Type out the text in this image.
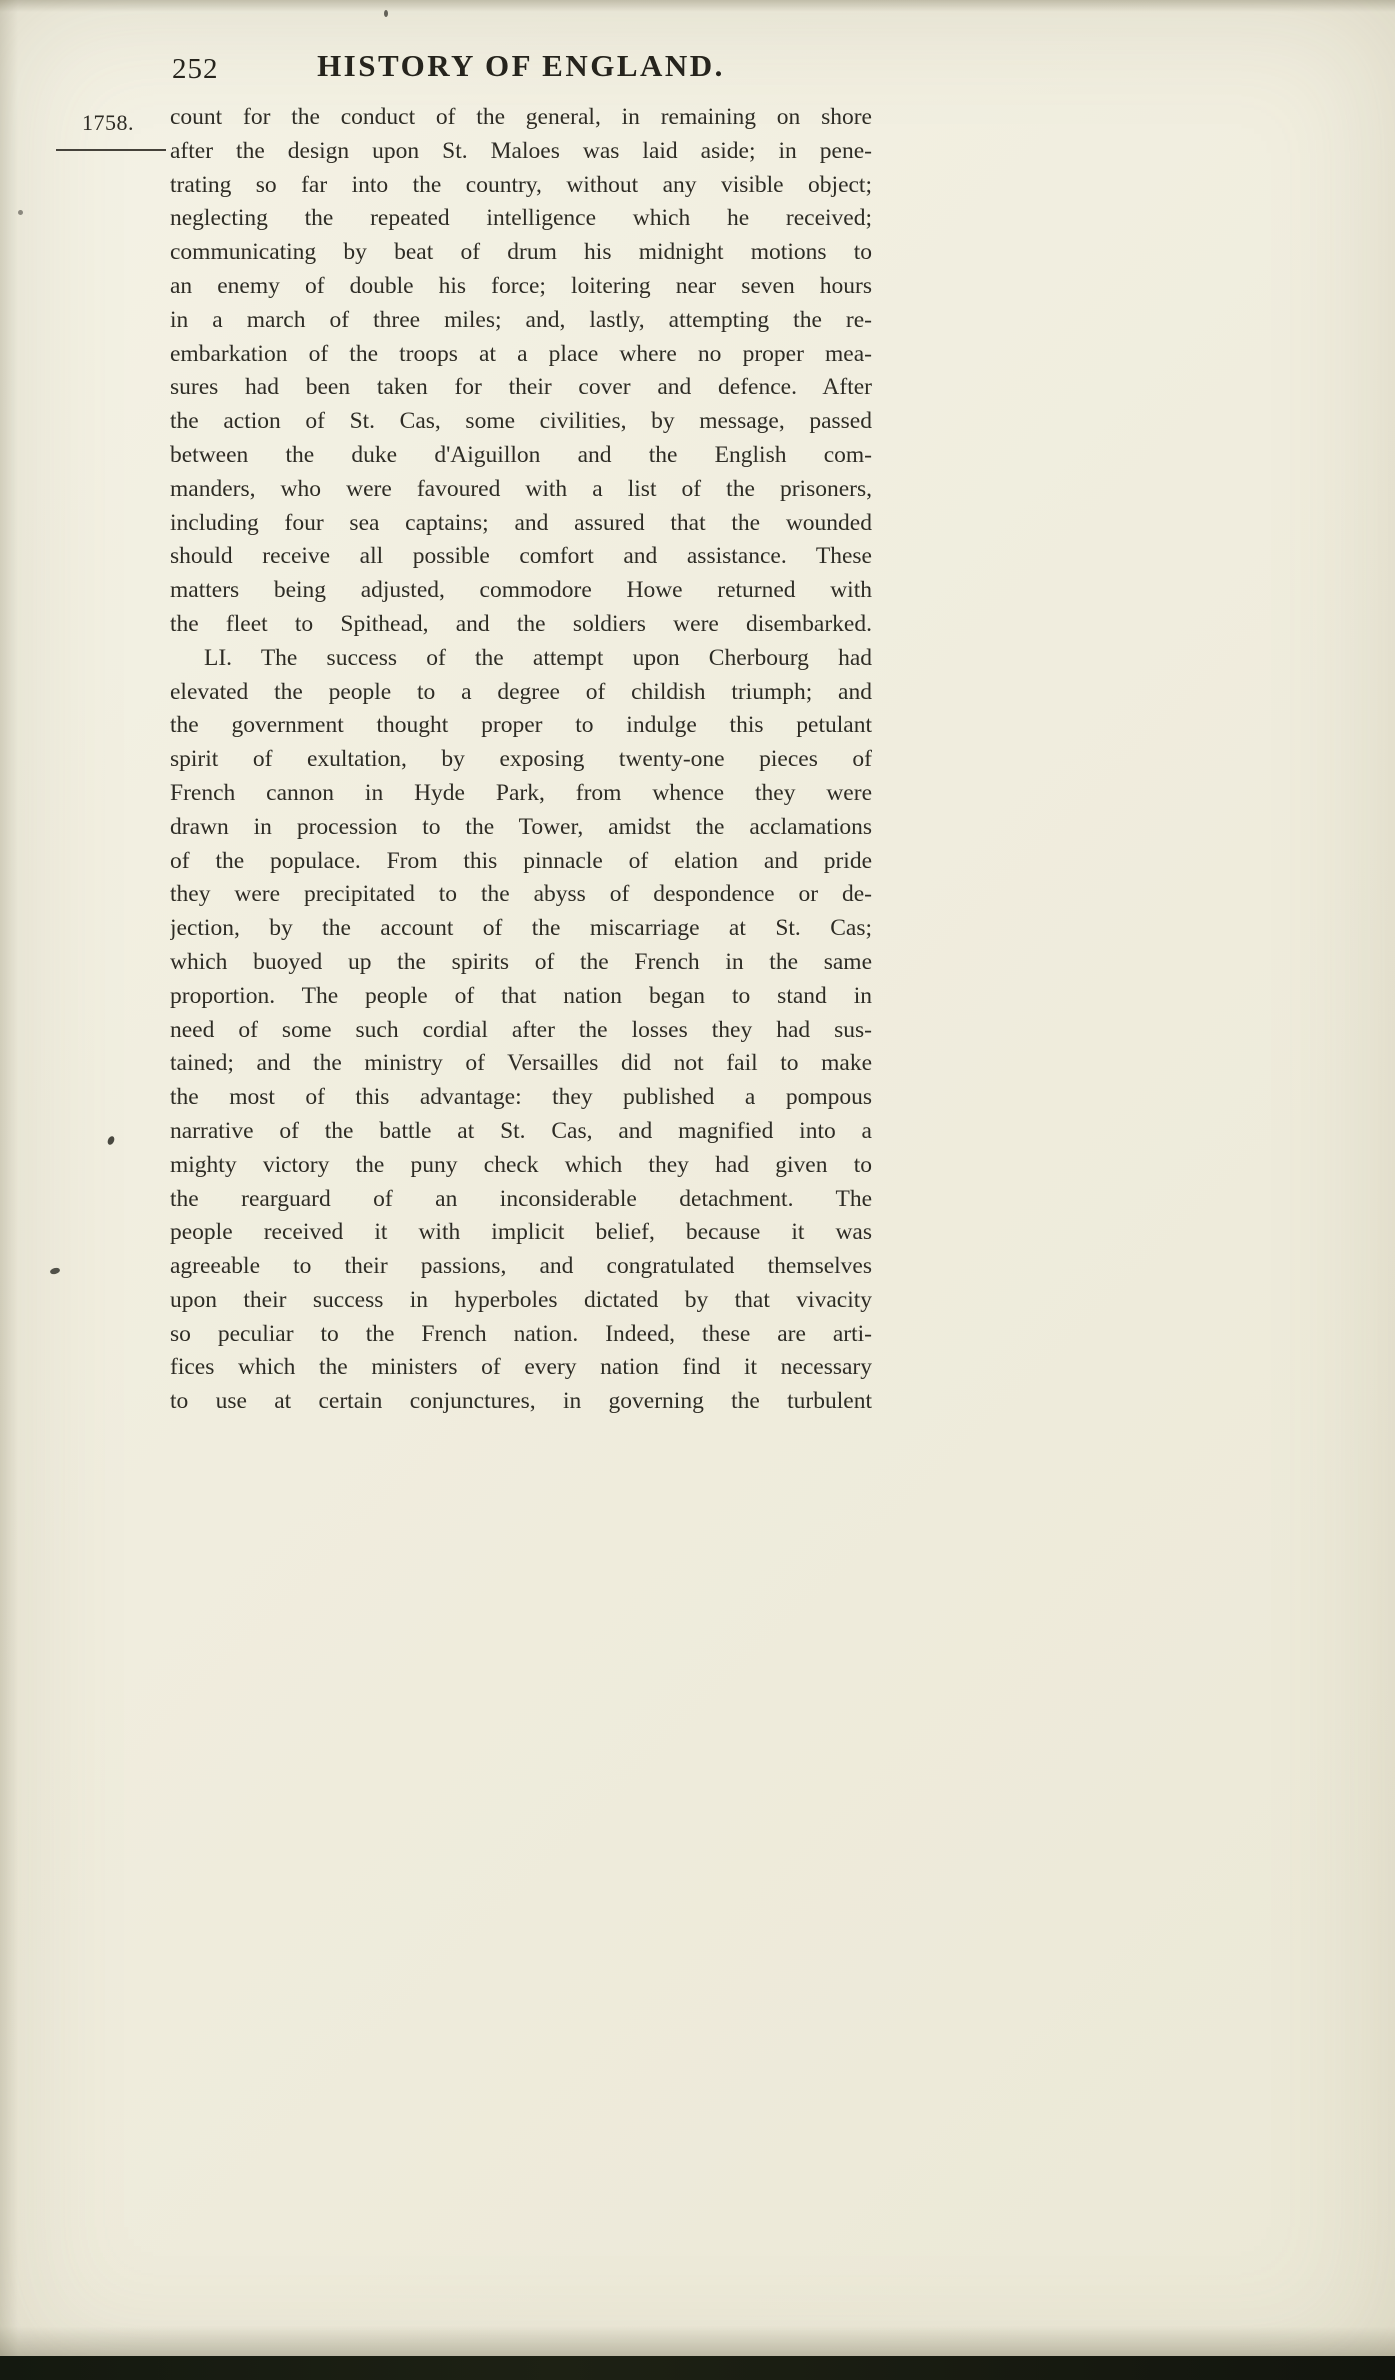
252	HISTORY OF ENGLAND.
1758. count for the conduct of the general, in remaining on shore
after the design upon St. Maloes was laid aside; in pene-
trating so far into the country, without any visible object;
neglecting the repeated intelligence which he received;
communicating by beat of drum his midnight motions to
an enemy of double his force; loitering near seven hours
in a march of three miles; and, lastly, attempting the re-
embarkation of the troops at a place where no proper mea-
sures had been taken for their cover and defence. After
the action of St. Cas, some civilities, by message, passed
between the duke d'Aiguillon and the English com-
manders, who were favoured with a list of the prisoners,
including four sea captains; and assured that the wounded
should receive all possible comfort and assistance. These
matters being adjusted, commodore Howe returned with
the fleet to Spithead, and the soldiers were disembarked.
LI. The success of the attempt upon Cherbourg had
elevated the people to a degree of childish triumph; and
the government thought proper to indulge this petulant
spirit of exultation, by exposing twenty-one pieces of
French cannon in Hyde Park, from whence they were
drawn in procession to the Tower, amidst the acclamations
of the populace. From this pinnacle of elation and pride
they were precipitated to the abyss of despondence or de-
jection, by the account of the miscarriage at St. Cas;
which buoyed up the spirits of the French in the same
proportion. The people of that nation began to stand in
need of some such cordial after the losses they had sus-
tained; and the ministry of Versailles did not fail to make
the most of this advantage: they published a pompous
narrative of the battle at St. Cas, and magnified into a
mighty victory the puny check which they had given to
the rearguard of an inconsiderable detachment. The
people received it with implicit belief, because it was
agreeable to their passions, and congratulated themselves
upon their success in hyperboles dictated by that vivacity
so peculiar to the French nation. Indeed, these are arti-
fices which the ministers of every nation find it necessary
to use at certain conjunctures, in governing the turbulent
